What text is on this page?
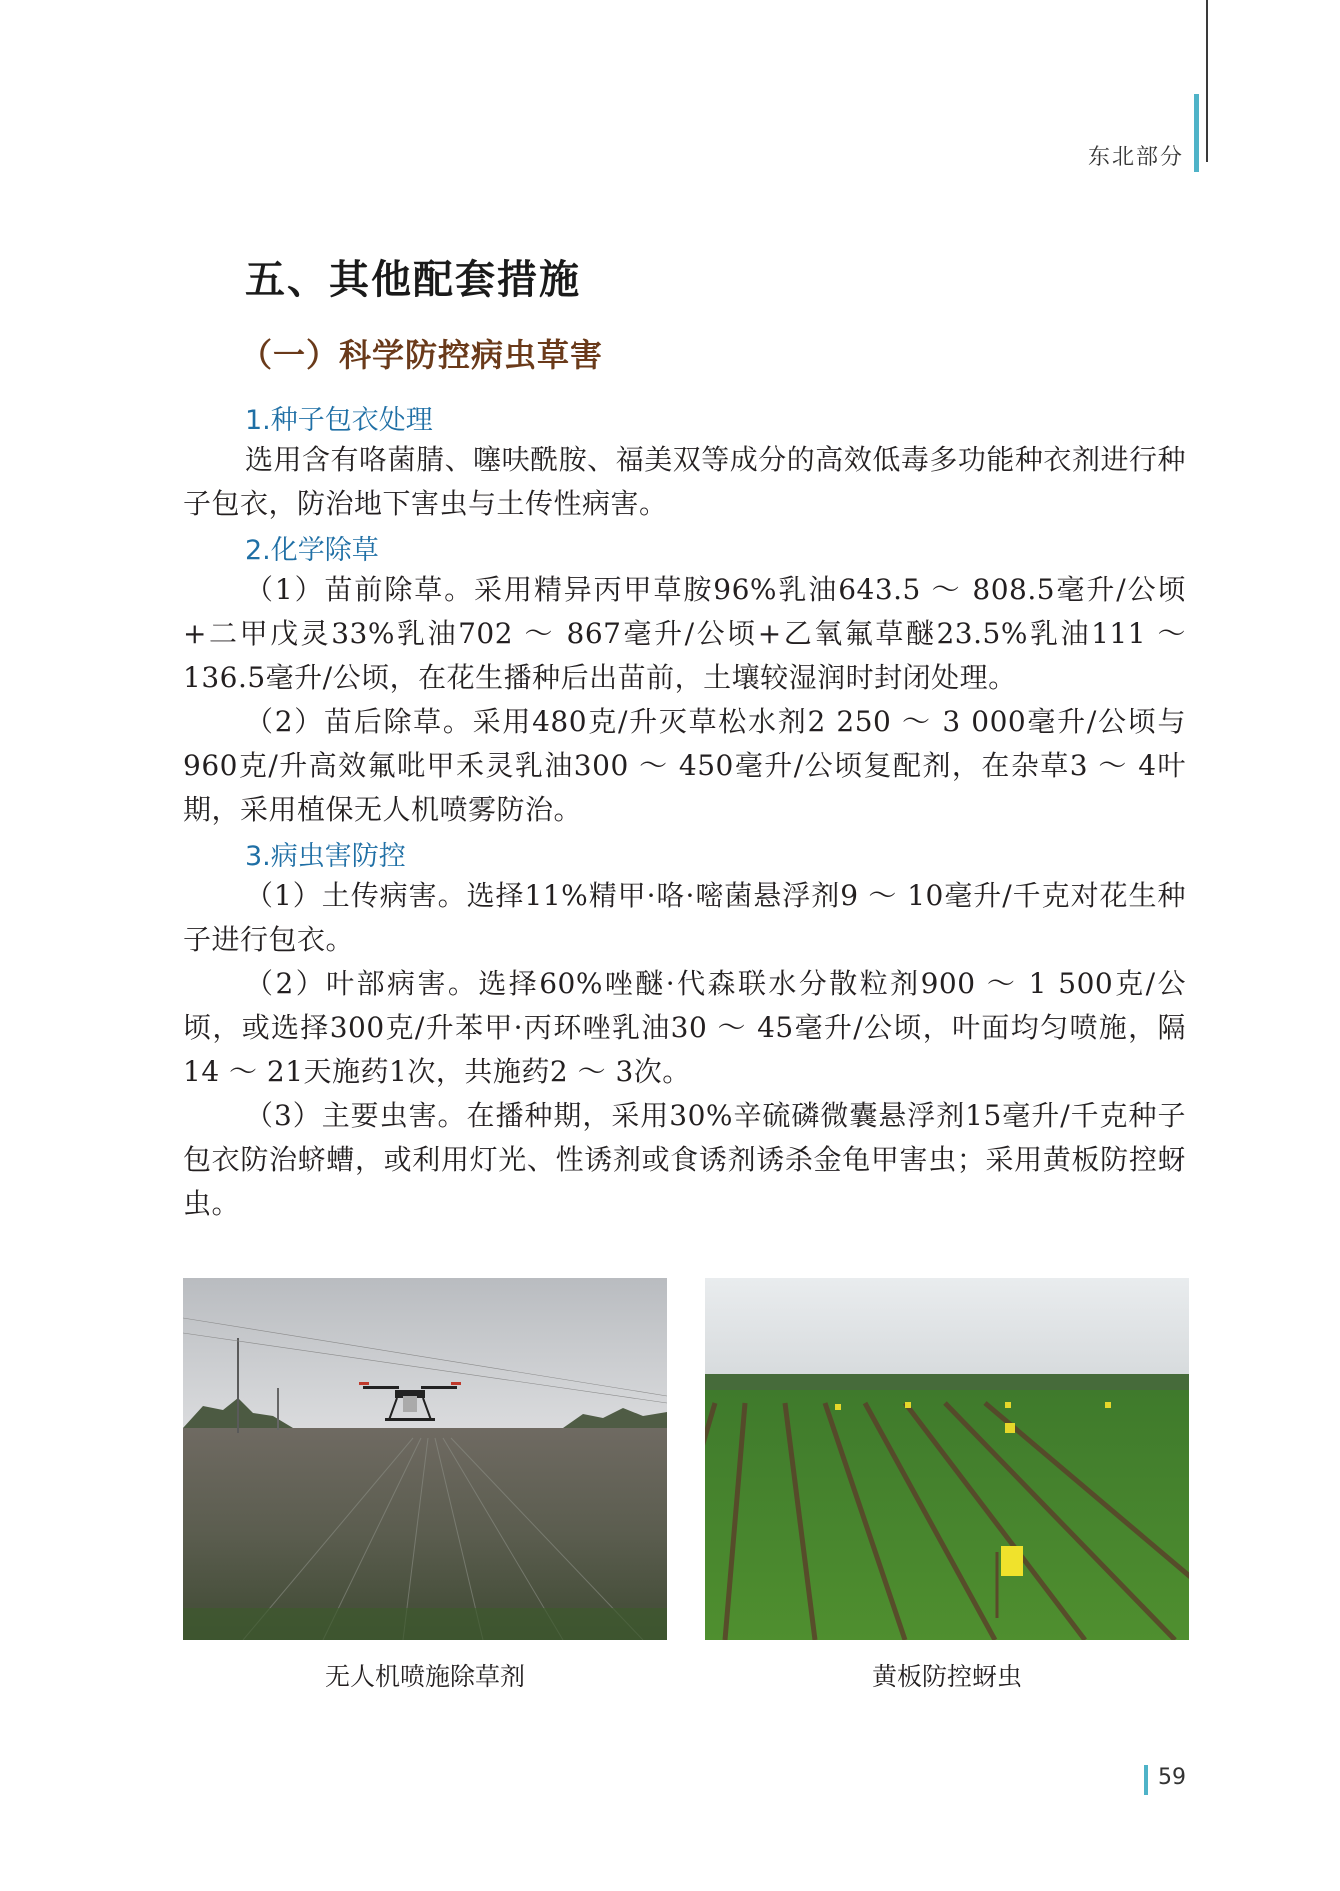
东北部分
五、其他配套措施
（一）科学防控病虫草害
1.种子包衣处理

选用含有咯菌腈、噻呋酰胺、福美双等成分的高效低毒多功能种衣剂进行种子包衣，防治地下害虫与土传性病害。

2.化学除草

（1）苗前除草。采用精异丙甲草胺96%乳油643.5 ～ 808.5毫升/公顷+二甲戊灵33%乳油702 ～ 867毫升/公顷+乙氧氟草醚23.5%乳油111 ～ 136.5毫升/公顷，在花生播种后出苗前，土壤较湿润时封闭处理。

（2）苗后除草。采用480克/升灭草松水剂2 250 ～ 3 000毫升/公顷与960克/升高效氟吡甲禾灵乳油300 ～ 450毫升/公顷复配剂，在杂草3 ～ 4叶期，采用植保无人机喷雾防治。

3.病虫害防控

（1）土传病害。选择11%精甲·咯·嘧菌悬浮剂9 ～ 10毫升/千克对花生种子进行包衣。

（2）叶部病害。选择60%唑醚·代森联水分散粒剂900 ～ 1 500克/公顷，或选择300克/升苯甲·丙环唑乳油30 ～ 45毫升/公顷，叶面均匀喷施，隔14 ～ 21天施药1次，共施药2 ～ 3次。

（3）主要虫害。在播种期，采用30%辛硫磷微囊悬浮剂15毫升/千克种子包衣防治蛴螬，或利用灯光、性诱剂或食诱剂诱杀金龟甲害虫；采用黄板防控蚜虫。

无人机喷施除草剂	黄板防控蚜虫
59
